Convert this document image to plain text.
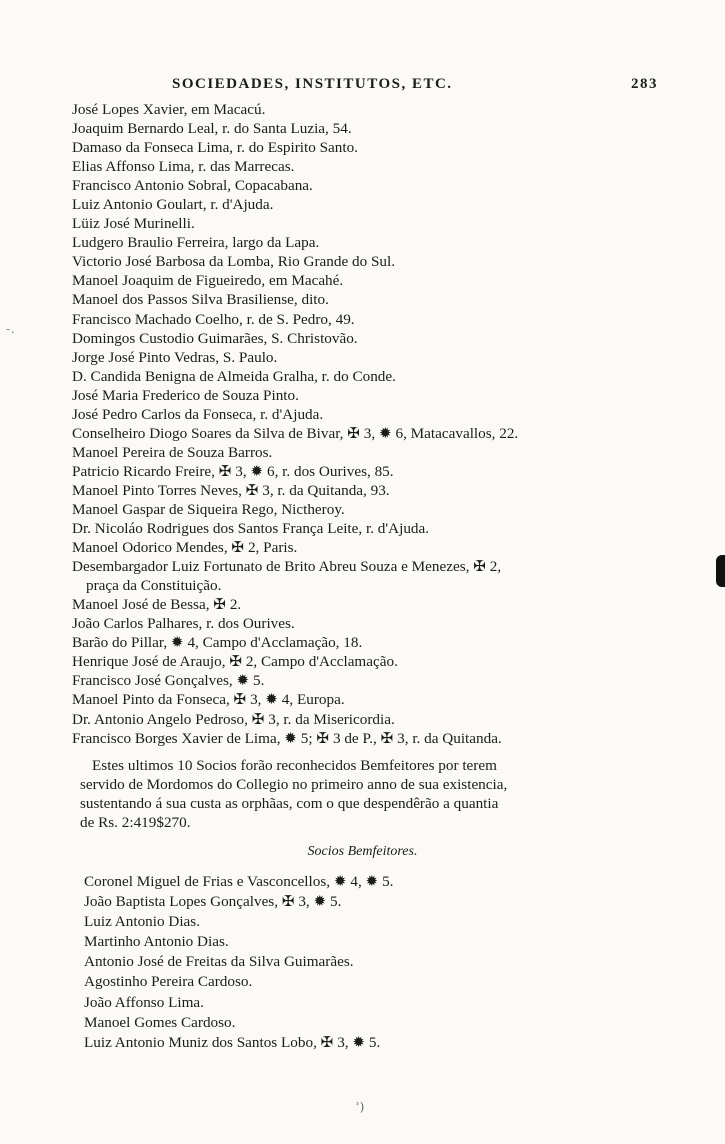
SOCIEDADES, INSTITUTOS, ETC.	283
-.
José Lopes Xavier, em Macacú.
Joaquim Bernardo Leal, r. do Santa Luzia, 54.
Damaso da Fonseca Lima, r. do Espirito Santo.
Elias Affonso Lima, r. das Marrecas.
Francisco Antonio Sobral, Copacabana.
Luiz Antonio Goulart, r. d'Ajuda.
Lüiz José Murinelli.
Ludgero Braulio Ferreira, largo da Lapa.
Victorio José Barbosa da Lomba, Rio Grande do Sul.
Manoel Joaquim de Figueiredo, em Macahé.
Manoel dos Passos Silva Brasiliense, dito.
Francisco Machado Coelho, r. de S. Pedro, 49.
Domingos Custodio Guimarães, S. Christovão.
Jorge José Pinto Vedras, S. Paulo.
D. Candida Benigna de Almeida Gralha, r. do Conde.
José Maria Frederico de Souza Pinto.
José Pedro Carlos da Fonseca, r. d'Ajuda.
Conselheiro Diogo Soares da Silva de Bivar, ✠ 3, ✹ 6, Matacavallos, 22.
Manoel Pereira de Souza Barros.
Patricio Ricardo Freire, ✠ 3, ✹ 6, r. dos Ourives, 85.
Manoel Pinto Torres Neves, ✠ 3, r. da Quitanda, 93.
Manoel Gaspar de Siqueira Rego, Nictheroy.
Dr. Nicoláo Rodrigues dos Santos França Leite, r. d'Ajuda.
Manoel Odorico Mendes, ✠ 2, Paris.
Desembargador Luiz Fortunato de Brito Abreu Souza e Menezes, ✠ 2,
praça da Constituição.
Manoel José de Bessa, ✠ 2.
João Carlos Palhares, r. dos Ourives.
Barão do Pillar, ✹ 4, Campo d'Acclamação, 18.
Henrique José de Araujo, ✠ 2, Campo d'Acclamação.
Francisco José Gonçalves, ✹ 5.
Manoel Pinto da Fonseca, ✠ 3, ✹ 4, Europa.
Dr. Antonio Angelo Pedroso, ✠ 3, r. da Misericordia.
Francisco Borges Xavier de Lima, ✹ 5; ✠ 3 de P., ✠ 3, r. da Quitanda.
Estes ultimos 10 Socios forão reconhecidos Bemfeitores por terem
servido de Mordomos do Collegio no primeiro anno de sua existencia,
sustentando á sua custa as orphãas, com o que despendêrão a quantia
de Rs. 2:419$270.
Socios Bemfeitores.
Coronel Miguel de Frias e Vasconcellos, ✹ 4, ✹ 5.
João Baptista Lopes Gonçalves, ✠ 3, ✹ 5.
Luiz Antonio Dias.
Martinho Antonio Dias.
Antonio José de Freitas da Silva Guimarães.
Agostinho Pereira Cardoso.
João Affonso Lima.
Manoel Gomes Cardoso.
Luiz Antonio Muniz dos Santos Lobo, ✠ 3, ✹ 5.
ʾ)
